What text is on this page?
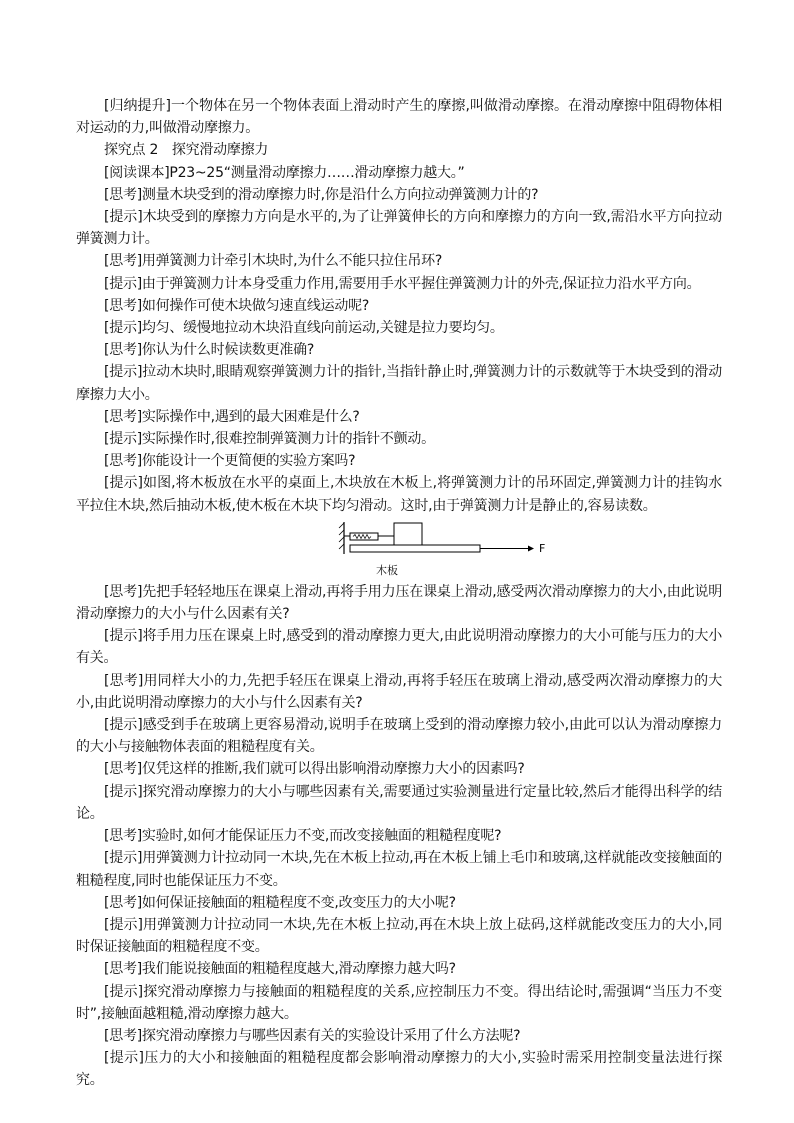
[归纳提升]一个物体在另一个物体表面上滑动时产生的摩擦,叫做滑动摩擦。在滑动摩擦中阻碍物体相对运动的力,叫做滑动摩擦力。

探究点 2　探究滑动摩擦力

[阅读课本]P23~25“测量滑动摩擦力……滑动摩擦力越大。”

[思考]测量木块受到的滑动摩擦力时,你是沿什么方向拉动弹簧测力计的?

[提示]木块受到的摩擦力方向是水平的,为了让弹簧伸长的方向和摩擦力的方向一致,需沿水平方向拉动弹簧测力计。

[思考]用弹簧测力计牵引木块时,为什么不能只拉住吊环?

[提示]由于弹簧测力计本身受重力作用,需要用手水平握住弹簧测力计的外壳,保证拉力沿水平方向。

[思考]如何操作可使木块做匀速直线运动呢?

[提示]均匀、缓慢地拉动木块沿直线向前运动,关键是拉力要均匀。

[思考]你认为什么时候读数更准确?

[提示]拉动木块时,眼睛观察弹簧测力计的指针,当指针静止时,弹簧测力计的示数就等于木块受到的滑动摩擦力大小。

[思考]实际操作中,遇到的最大困难是什么?

[提示]实际操作时,很难控制弹簧测力计的指针不颤动。

[思考]你能设计一个更简便的实验方案吗?

[提示]如图,将木板放在水平的桌面上,木块放在木板上,将弹簧测力计的吊环固定,弹簧测力计的挂钩水平拉住木块,然后抽动木板,使木板在木块下均匀滑动。这时,由于弹簧测力计是静止的,容易读数。

F
木板

[思考]先把手轻轻地压在课桌上滑动,再将手用力压在课桌上滑动,感受两次滑动摩擦力的大小,由此说明滑动摩擦力的大小与什么因素有关?

[提示]将手用力压在课桌上时,感受到的滑动摩擦力更大,由此说明滑动摩擦力的大小可能与压力的大小有关。

[思考]用同样大小的力,先把手轻压在课桌上滑动,再将手轻压在玻璃上滑动,感受两次滑动摩擦力的大小,由此说明滑动摩擦力的大小与什么因素有关?

[提示]感受到手在玻璃上更容易滑动,说明手在玻璃上受到的滑动摩擦力较小,由此可以认为滑动摩擦力的大小与接触物体表面的粗糙程度有关。

[思考]仅凭这样的推断,我们就可以得出影响滑动摩擦力大小的因素吗?

[提示]探究滑动摩擦力的大小与哪些因素有关,需要通过实验测量进行定量比较,然后才能得出科学的结论。

[思考]实验时,如何才能保证压力不变,而改变接触面的粗糙程度呢?

[提示]用弹簧测力计拉动同一木块,先在木板上拉动,再在木板上铺上毛巾和玻璃,这样就能改变接触面的粗糙程度,同时也能保证压力不变。

[思考]如何保证接触面的粗糙程度不变,改变压力的大小呢?

[提示]用弹簧测力计拉动同一木块,先在木板上拉动,再在木块上放上砝码,这样就能改变压力的大小,同时保证接触面的粗糙程度不变。

[思考]我们能说接触面的粗糙程度越大,滑动摩擦力越大吗?

[提示]探究滑动摩擦力与接触面的粗糙程度的关系,应控制压力不变。得出结论时,需强调“当压力不变时”,接触面越粗糙,滑动摩擦力越大。

[思考]探究滑动摩擦力与哪些因素有关的实验设计采用了什么方法呢?

[提示]压力的大小和接触面的粗糙程度都会影响滑动摩擦力的大小,实验时需采用控制变量法进行探究。
